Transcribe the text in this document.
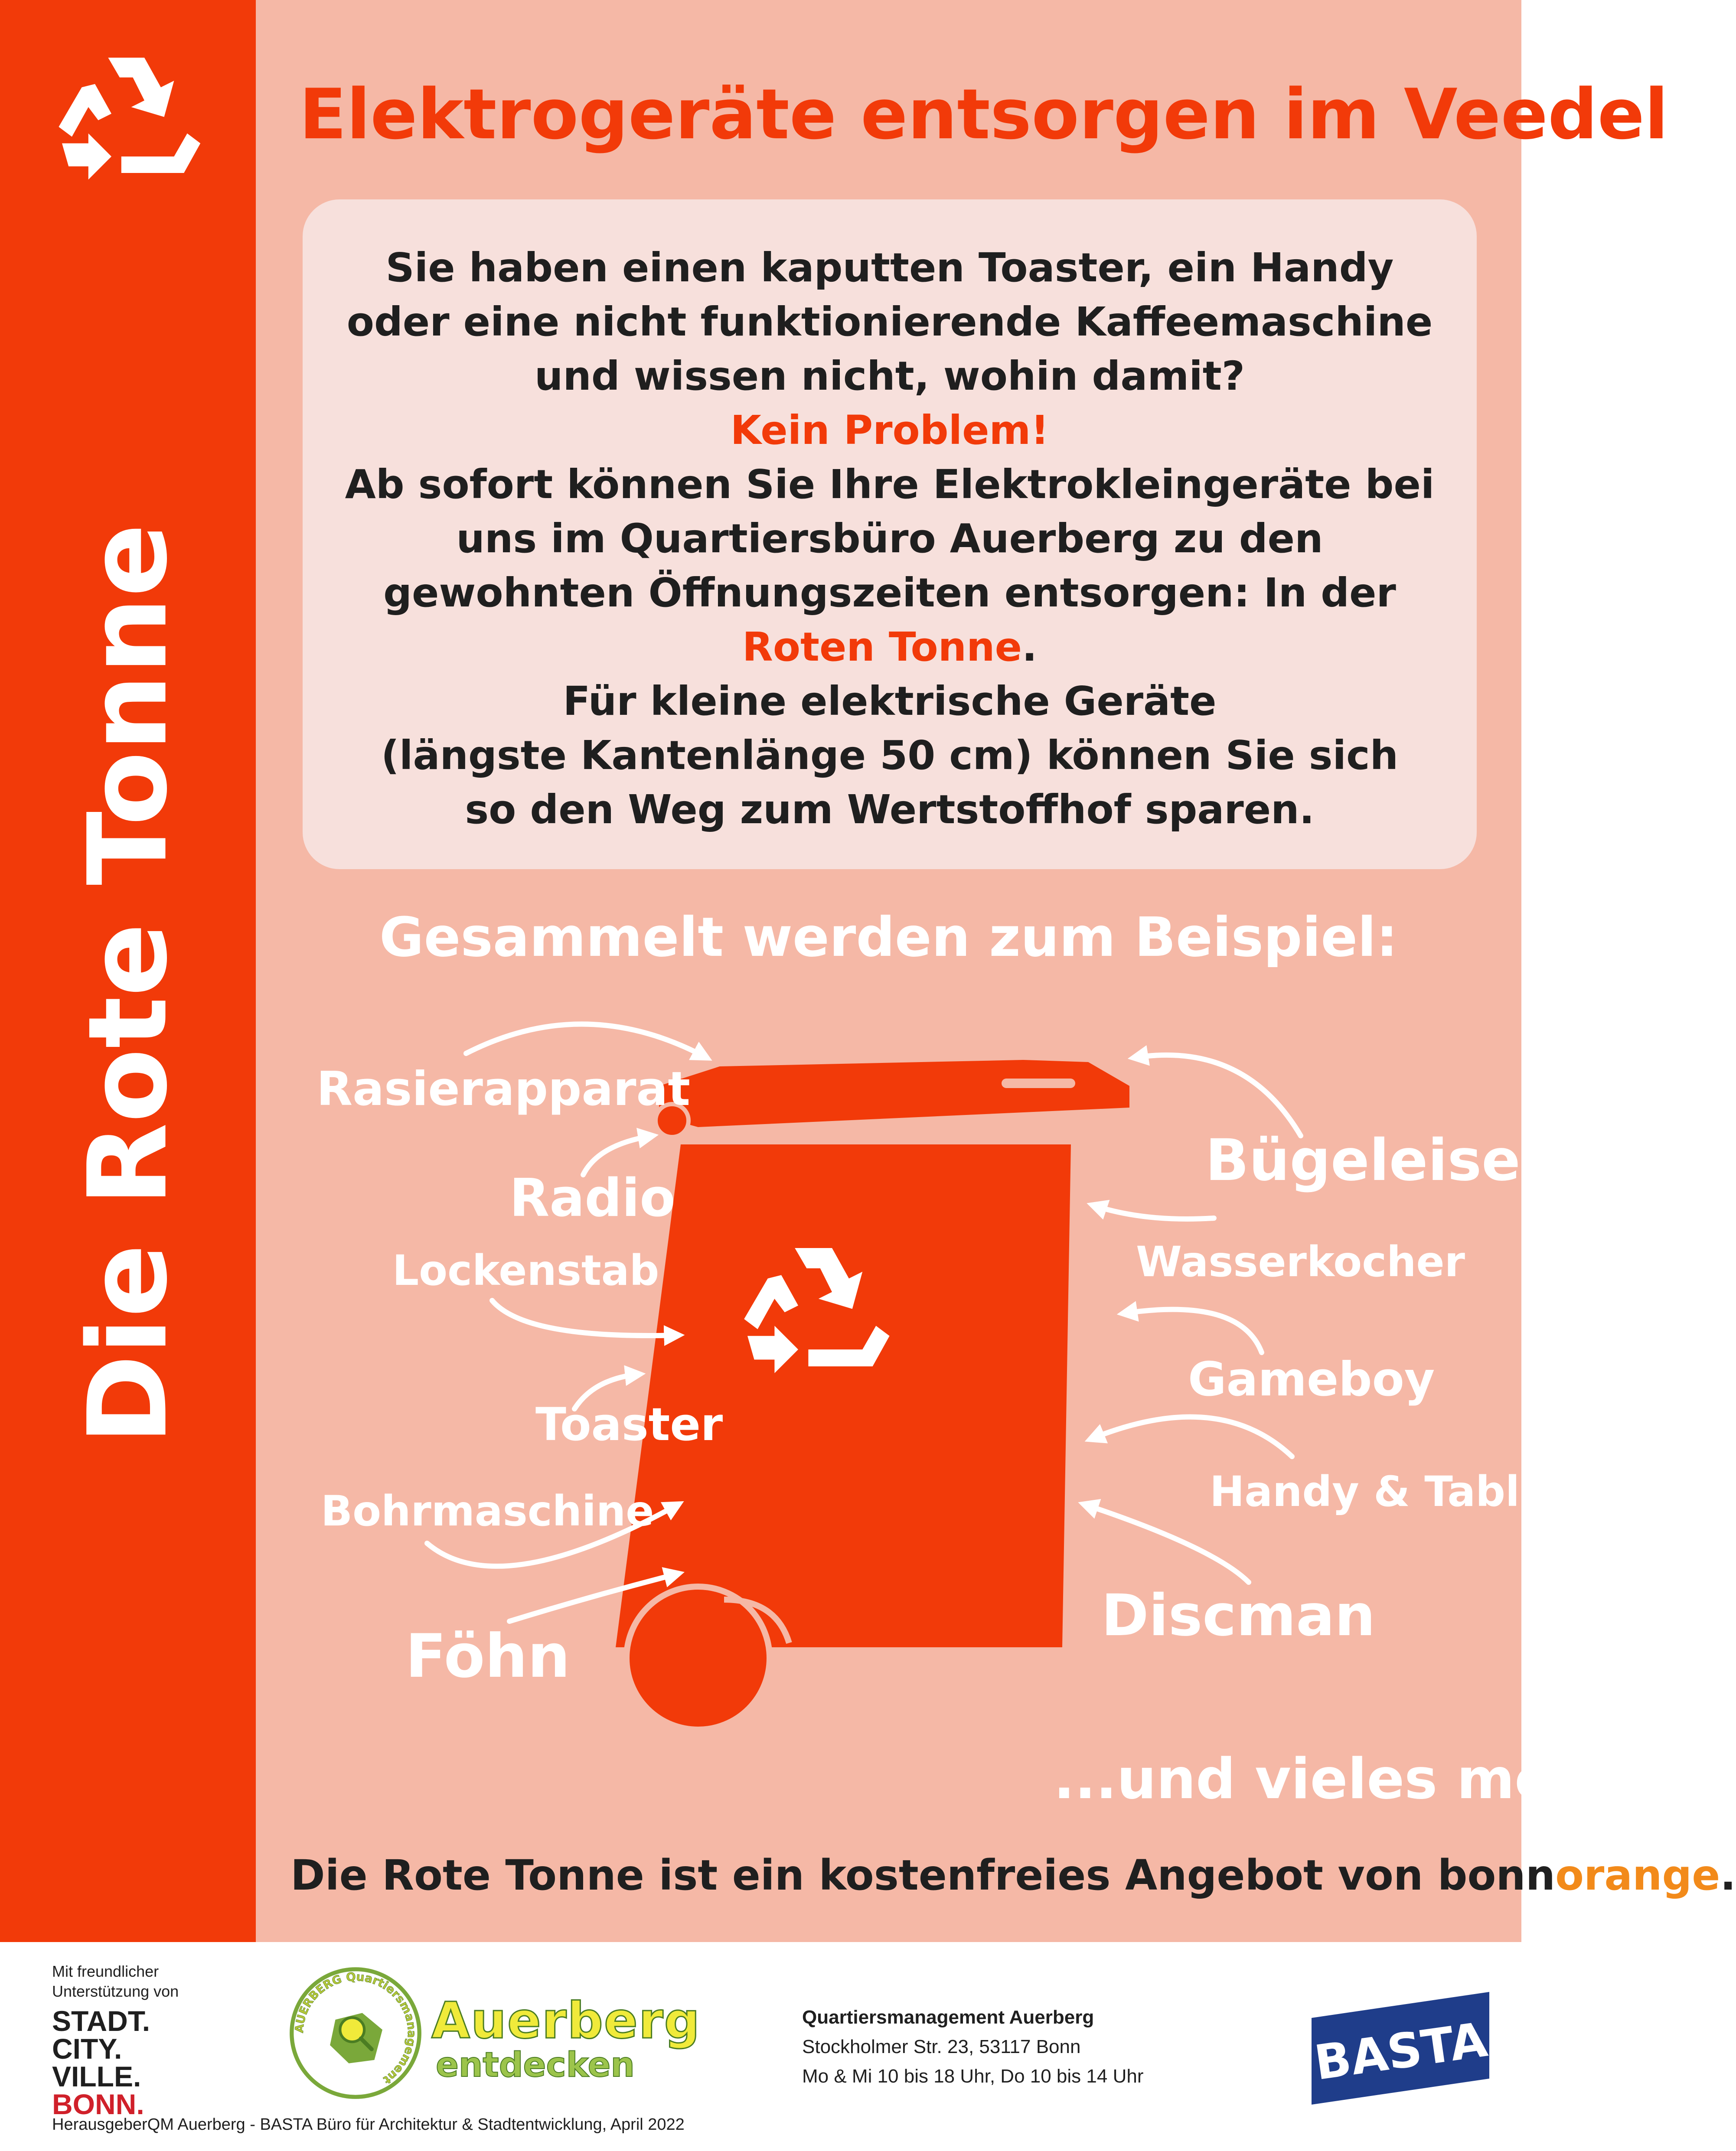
Die Rote Tonne
Elektrogeräte entsorgen im Veedel
Sie haben einen kaputten Toaster, ein Handy
oder eine nicht funktionierende Kaffeemaschine
und wissen nicht, wohin damit?
Kein Problem!
Ab sofort können Sie Ihre Elektrokleingeräte bei
uns im Quartiersbüro Auerberg zu den
gewohnten Öffnungszeiten entsorgen: In der
Roten Tonne.
Für kleine elektrische Geräte
(längste Kantenlänge 50 cm) können Sie sich
so den Weg zum Wertstoffhof sparen.
Gesammelt werden zum Beispiel:
Rasierapparat
Radio
Lockenstab
Toaster
Bohrmaschine
Föhn
Bügeleisen
Wasserkocher
Gameboy
Handy & Tablet
Discman
...und vieles mehr!
Die Rote Tonne ist ein kostenfreies Angebot von bonnorange.
Mit freundlicher
Unterstützung von
STADT.
CITY.
VILLE.
BONN.
AUERBERG Quartiersmanagement
Auerberg
entdecken
Quartiersmanagement Auerberg
Stockholmer Str. 23, 53117 Bonn
Mo & Mi 10 bis 18 Uhr, Do 10 bis 14 Uhr	BASTA
HerausgeberQM Auerberg - BASTA Büro für Architektur & Stadtentwicklung, April 2022
